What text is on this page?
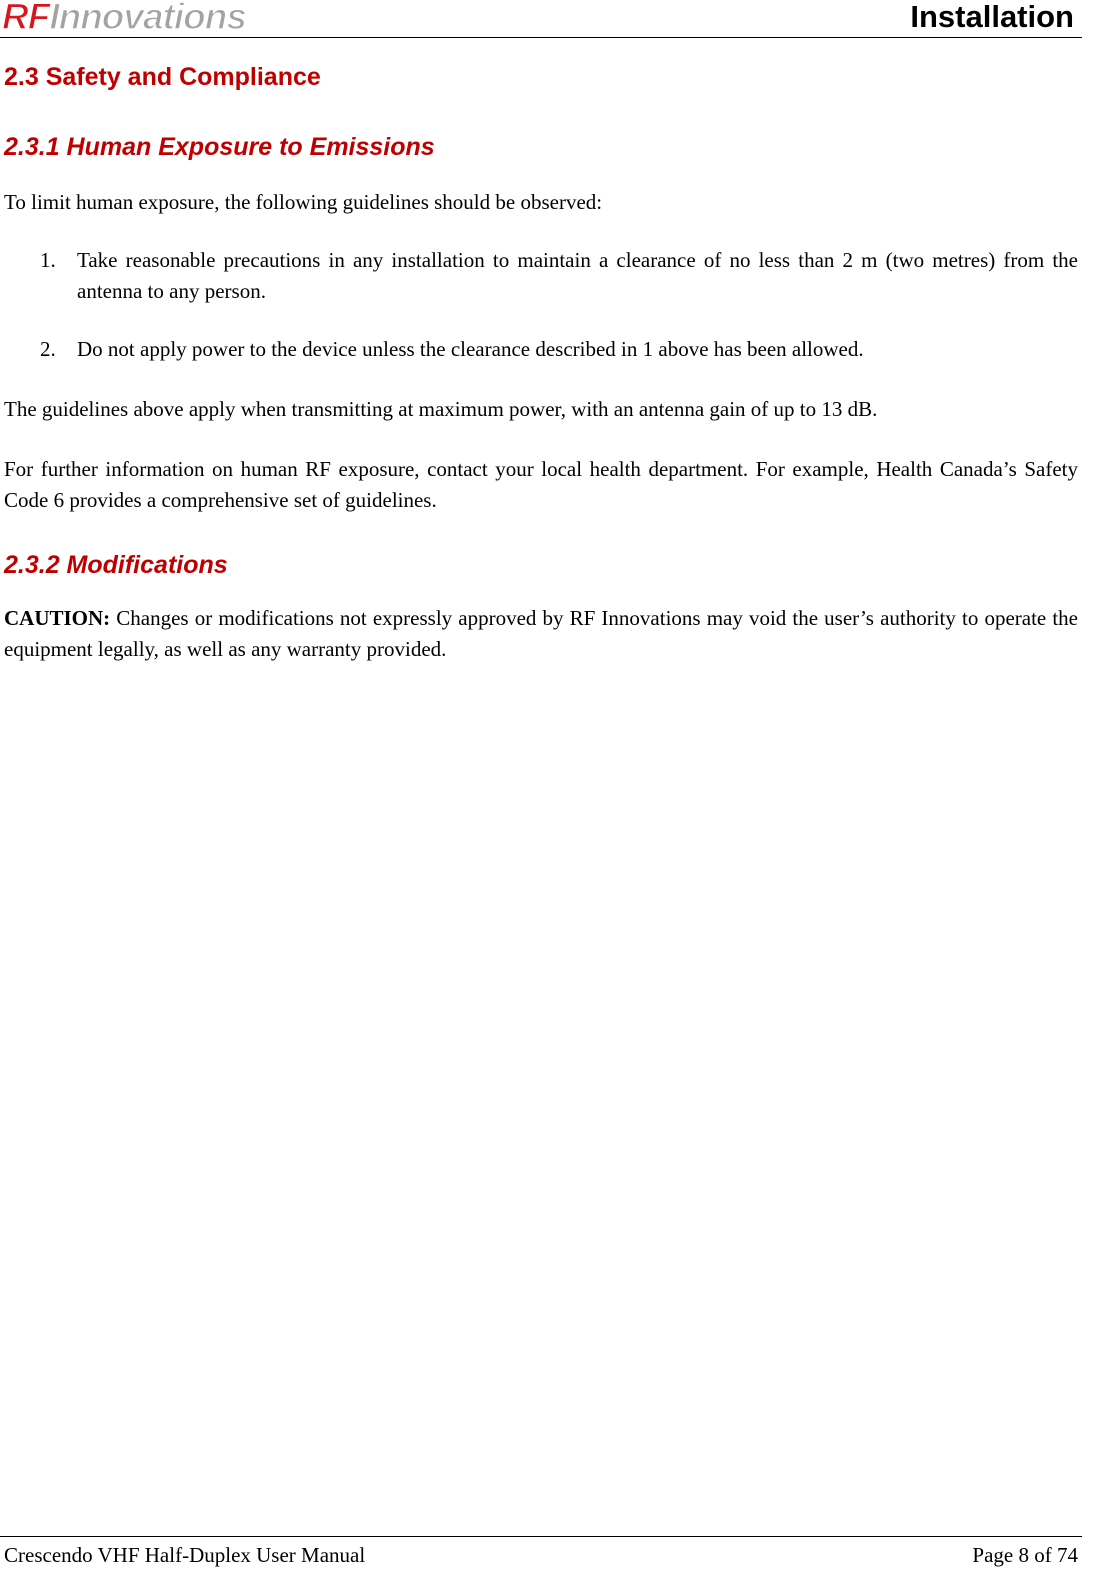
RFInnovations	Installation
2.3 Safety and Compliance
2.3.1 Human Exposure to Emissions

To limit human exposure, the following guidelines should be observed:

1. Take reasonable precautions in any installation to maintain a clearance of no less than 2 m (two metres) from the antenna to any person.
2. Do not apply power to the device unless the clearance described in 1 above has been allowed.

The guidelines above apply when transmitting at maximum power, with an antenna gain of up to 13 dB.

For further information on human RF exposure, contact your local health department. For example, Health Canada’s Safety Code 6 provides a comprehensive set of guidelines.

2.3.2 Modifications

CAUTION: Changes or modifications not expressly approved by RF Innovations may void the user’s authority to operate the equipment legally, as well as any warranty provided.

Crescendo VHF Half-Duplex User Manual	Page 8 of 74
